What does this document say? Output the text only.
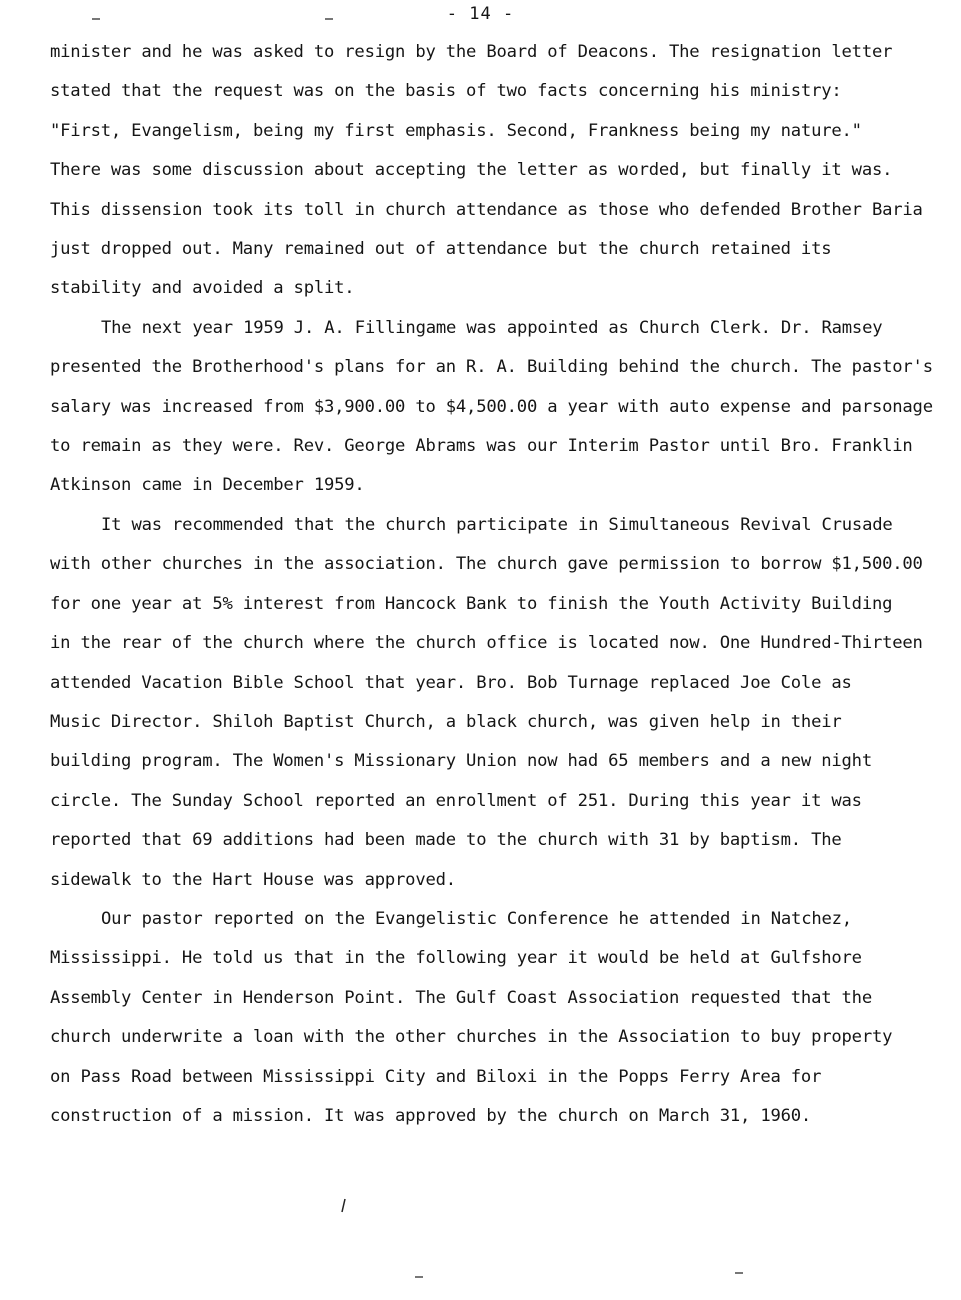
- 14 -
minister and he was asked to resign by the Board of Deacons. The resignation letter
stated that the request was on the basis of two facts concerning his ministry:
"First, Evangelism, being my first emphasis. Second, Frankness being my nature."
There was some discussion about accepting the letter as worded, but finally it was.
This dissension took its toll in church attendance as those who defended Brother Baria
just dropped out. Many remained out of attendance but the church retained its
stability and avoided a split.
The next year 1959 J. A. Fillingame was appointed as Church Clerk. Dr. Ramsey
presented the Brotherhood's plans for an R. A. Building behind the church. The pastor's
salary was increased from $3,900.00 to $4,500.00 a year with auto expense and parsonage
to remain as they were. Rev. George Abrams was our Interim Pastor until Bro. Franklin
Atkinson came in December 1959.
It was recommended that the church participate in Simultaneous Revival Crusade
with other churches in the association. The church gave permission to borrow $1,500.00
for one year at 5% interest from Hancock Bank to finish the Youth Activity Building
in the rear of the church where the church office is located now. One Hundred-Thirteen
attended Vacation Bible School that year. Bro. Bob Turnage replaced Joe Cole as
Music Director. Shiloh Baptist Church, a black church, was given help in their
building program. The Women's Missionary Union now had 65 members and a new night
circle. The Sunday School reported an enrollment of 251. During this year it was
reported that 69 additions had been made to the church with 31 by baptism. The
sidewalk to the Hart House was approved.
Our pastor reported on the Evangelistic Conference he attended in Natchez,
Mississippi. He told us that in the following year it would be held at Gulfshore
Assembly Center in Henderson Point. The Gulf Coast Association requested that the
church underwrite a loan with the other churches in the Association to buy property
on Pass Road between Mississippi City and Biloxi in the Popps Ferry Area for
construction of a mission. It was approved by the church on March 31, 1960.
